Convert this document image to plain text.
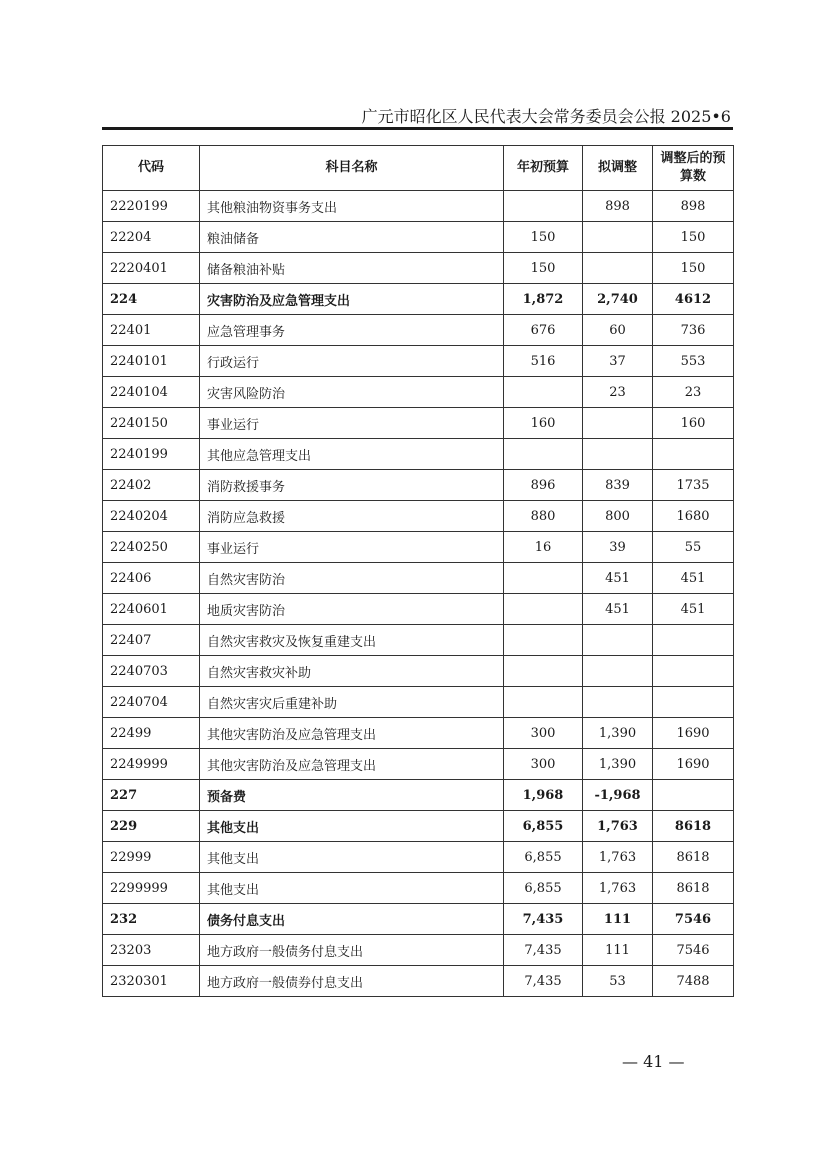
广元市昭化区人民代表大会常务委员会公报 2025•6
代码	科目名称	年初预算	拟调整	调整后的预算数
2220199	其他粮油物资事务支出		898	898
22204	粮油储备	150		150
2220401	储备粮油补贴	150		150
224	灾害防治及应急管理支出	1,872	2,740	4612
22401	应急管理事务	676	60	736
2240101	行政运行	516	37	553
2240104	灾害风险防治		23	23
2240150	事业运行	160		160
2240199	其他应急管理支出			
22402	消防救援事务	896	839	1735
2240204	消防应急救援	880	800	1680
2240250	事业运行	16	39	55
22406	自然灾害防治		451	451
2240601	地质灾害防治		451	451
22407	自然灾害救灾及恢复重建支出			
2240703	自然灾害救灾补助			
2240704	自然灾害灾后重建补助			
22499	其他灾害防治及应急管理支出	300	1,390	1690
2249999	其他灾害防治及应急管理支出	300	1,390	1690
227	预备费	1,968	-1,968	
229	其他支出	6,855	1,763	8618
22999	其他支出	6,855	1,763	8618
2299999	其他支出	6,855	1,763	8618
232	债务付息支出	7,435	111	7546
23203	地方政府一般债务付息支出	7,435	111	7546
2320301	地方政府一般债券付息支出	7,435	53	7488
— 41 —
